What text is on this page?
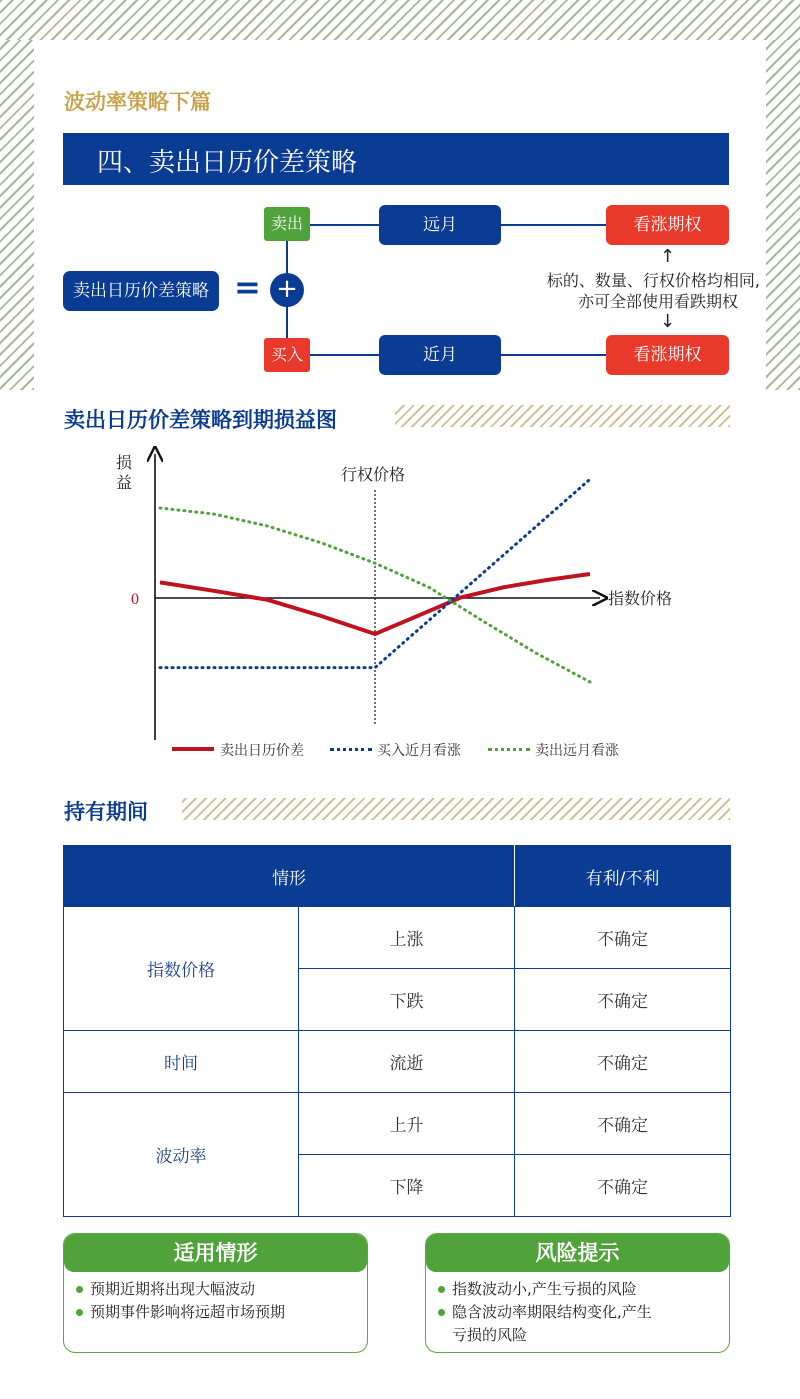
波动率策略下篇
四、卖出日历价差策略
卖出日历价差策略 = +
卖出	远月	看涨期权
买入	近月	看涨期权
↑
标的、数量、行权价格均相同,
亦可全部使用看跌期权
↓
卖出日历价差策略到期损益图
损
益
指数价格
0
行权价格
卖出日历价差	买入近月看涨	卖出远月看涨
持有期间
情形		有利/不利
指数价格	上涨	不确定
	下跌	不确定
时间	流逝	不确定
波动率	上升	不确定
	下降	不确定
适用情形
预期近期将出现大幅波动
预期事件影响将远超市场预期
风险提示
指数波动小,产生亏损的风险
隐含波动率期限结构变化,产生
亏损的风险
